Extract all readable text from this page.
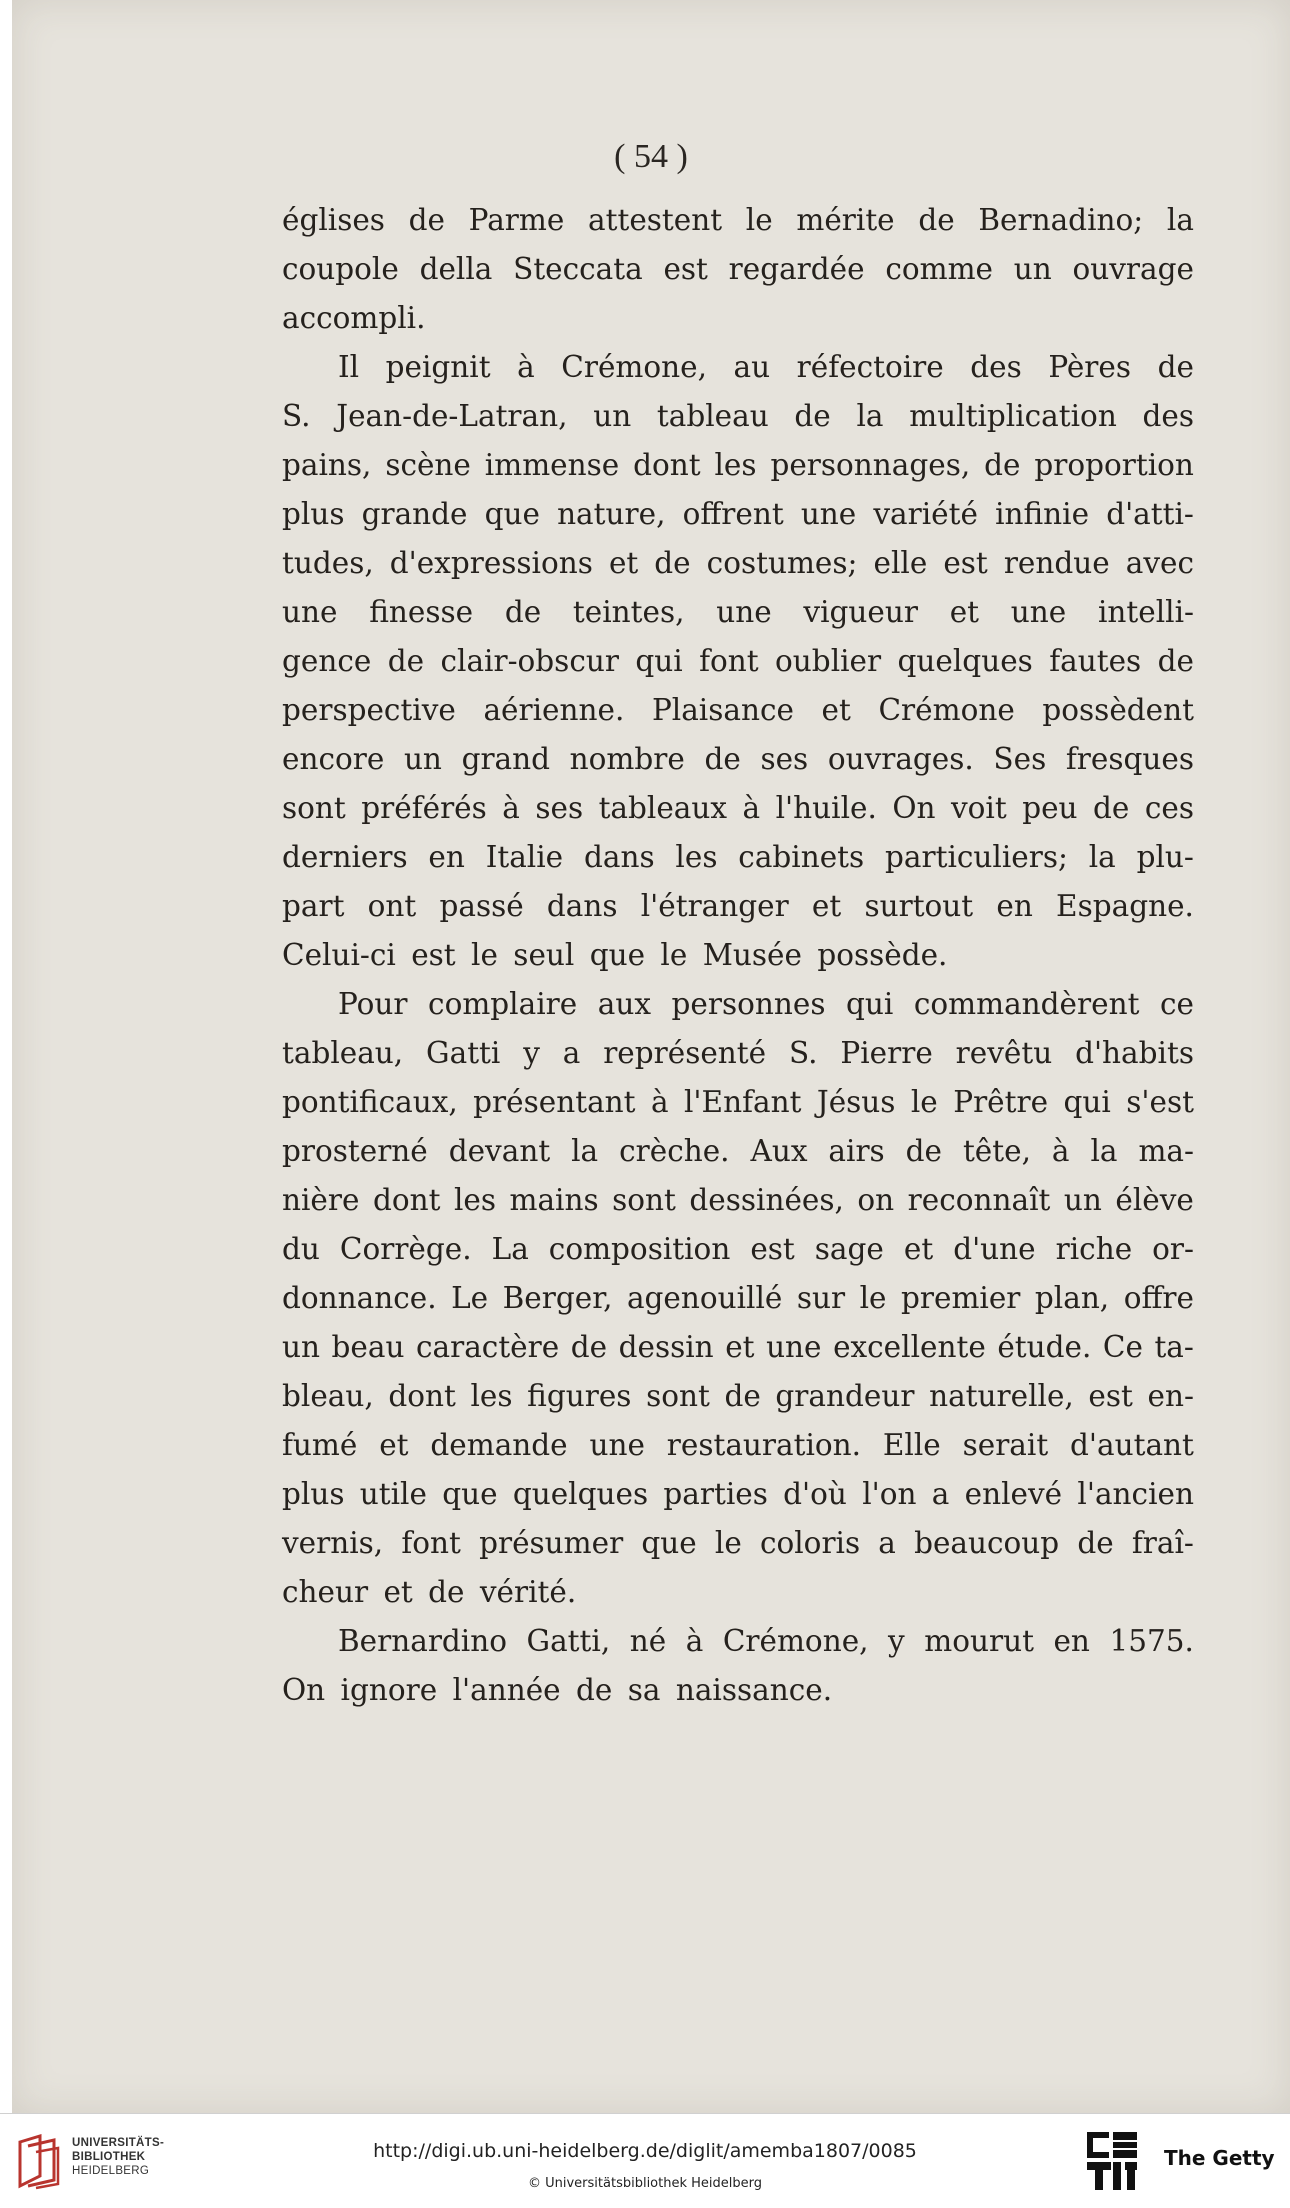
( 54 )
églises de Parme attestent le mérite de Bernadino; la
coupole della Steccata est regardée comme un ouvrage
accompli.
Il peignit à Crémone, au réfectoire des Pères de
S. Jean-de-Latran, un tableau de la multiplication des
pains, scène immense dont les personnages, de proportion
plus grande que nature, offrent une variété infinie d'atti-
tudes, d'expressions et de costumes; elle est rendue avec
une finesse de teintes, une vigueur et une intelli-
gence de clair-obscur qui font oublier quelques fautes de
perspective aérienne. Plaisance et Crémone possèdent
encore un grand nombre de ses ouvrages. Ses fresques
sont préférés à ses tableaux à l'huile. On voit peu de ces
derniers en Italie dans les cabinets particuliers; la plu-
part ont passé dans l'étranger et surtout en Espagne.
Celui-ci est le seul que le Musée possède.
Pour complaire aux personnes qui commandèrent ce
tableau, Gatti y a représenté S. Pierre revêtu d'habits
pontificaux, présentant à l'Enfant Jésus le Prêtre qui s'est
prosterné devant la crèche. Aux airs de tête, à la ma-
nière dont les mains sont dessinées, on reconnaît un élève
du Corrège. La composition est sage et d'une riche or-
donnance. Le Berger, agenouillé sur le premier plan, offre
un beau caractère de dessin et une excellente étude. Ce ta-
bleau, dont les figures sont de grandeur naturelle, est en-
fumé et demande une restauration. Elle serait d'autant
plus utile que quelques parties d'où l'on a enlevé l'ancien
vernis, font présumer que le coloris a beaucoup de fraî-
cheur et de vérité.
Bernardino Gatti, né à Crémone, y mourut en 1575.
On ignore l'année de sa naissance.
UNIVERSITÄTS-
BIBLIOTHEK
HEIDELBERG
http://digi.ub.uni-heidelberg.de/diglit/amemba1807/0085
© Universitätsbibliothek Heidelberg
The Getty
